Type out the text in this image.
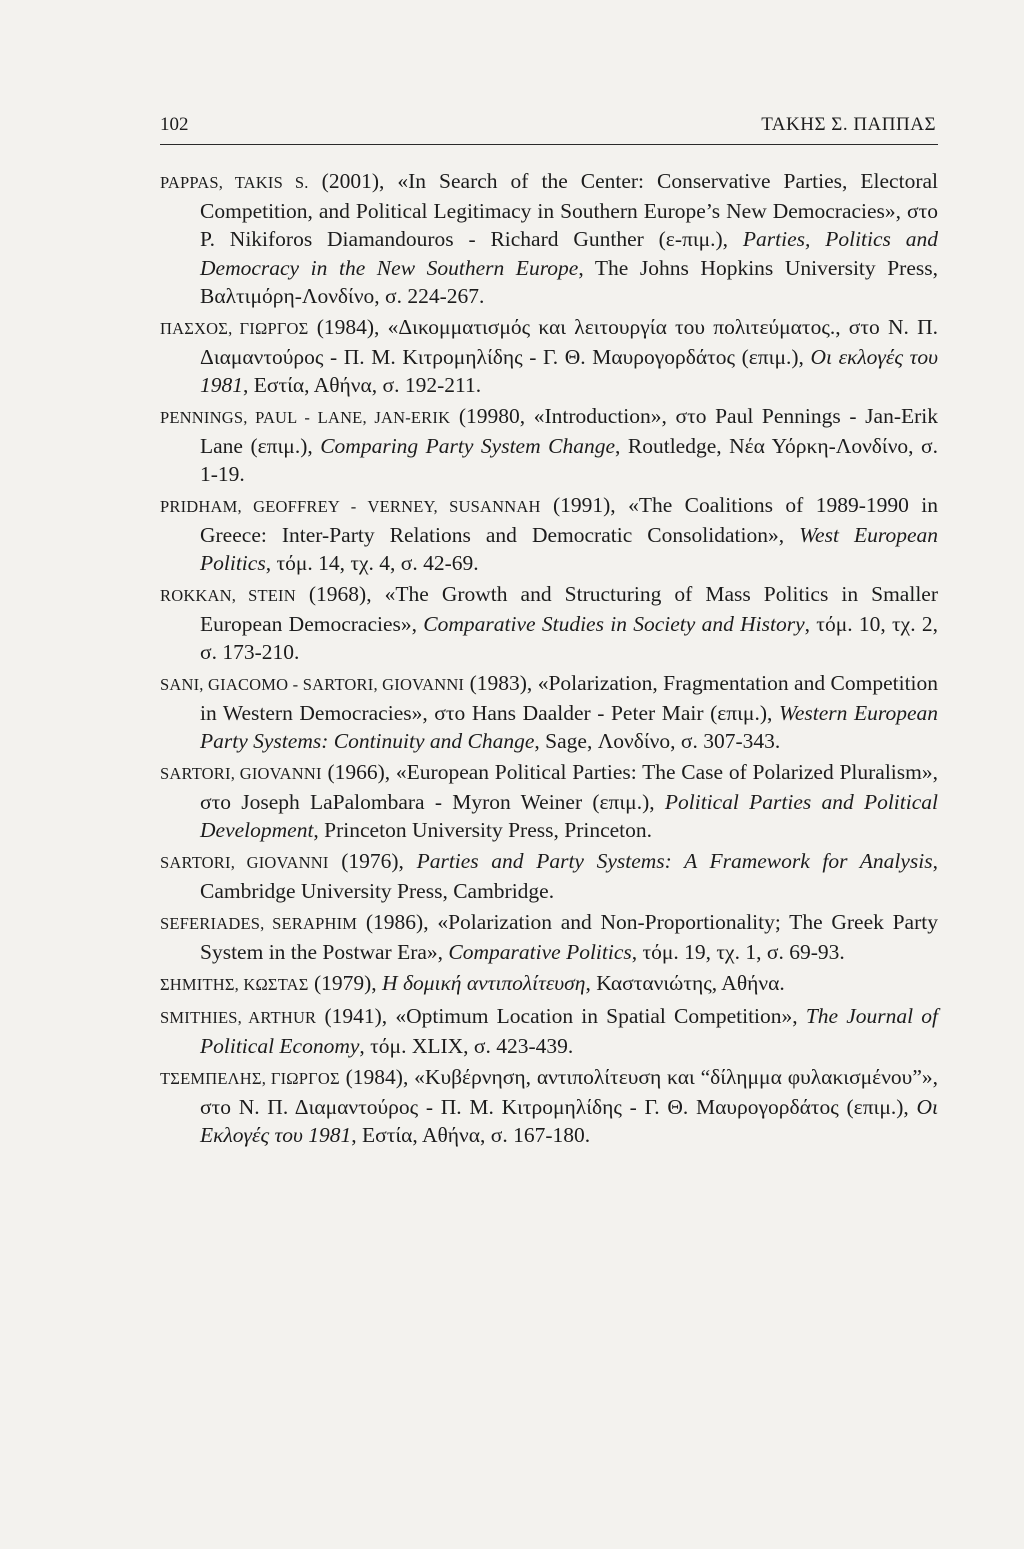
102	ΤΑΚΗΣ Σ. ΠΑΠΠΑΣ

PAPPAS, TAKIS S. (2001), «In Search of the Center: Conservative Parties, Electoral Competition, and Political Legitimacy in Southern Europe’s New Democracies», στο P. Nikiforos Diamandouros - Richard Gunther (ε-πιμ.), Parties, Politics and Democracy in the New Southern Europe, The Johns Hopkins University Press, Βαλτιμόρη-Λονδίνο, σ. 224-267.

ΠΑΣΧΟΣ, ΓΙΩΡΓΟΣ (1984), «Δικομματισμός και λειτουργία του πολιτεύματος., στο Ν. Π. Διαμαντούρος - Π. Μ. Κιτρομηλίδης - Γ. Θ. Μαυρογορδάτος (επιμ.), Οι εκλογές του 1981, Εστία, Αθήνα, σ. 192-211.

PENNINGS, PAUL - LANE, JAN-ERIK (19980, «Introduction», στο Paul Pennings - Jan-Erik Lane (επιμ.), Comparing Party System Change, Routledge, Νέα Υόρκη-Λονδίνο, σ. 1-19.

PRIDHAM, GEOFFREY - VERNEY, SUSANNAH (1991), «The Coalitions of 1989-1990 in Greece: Inter-Party Relations and Democratic Consolidation», West European Politics, τόμ. 14, τχ. 4, σ. 42-69.

ROKKAN, STEIN (1968), «The Growth and Structuring of Mass Politics in Smaller European Democracies», Comparative Studies in Society and History, τόμ. 10, τχ. 2, σ. 173-210.

SANI, GIACOMO - SARTORI, GIOVANNI (1983), «Polarization, Fragmentation and Competition in Western Democracies», στο Hans Daalder - Peter Mair (επιμ.), Western European Party Systems: Continuity and Change, Sage, Λονδίνο, σ. 307-343.

SARTORI, GIOVANNI (1966), «European Political Parties: The Case of Polarized Pluralism», στο Joseph LaPalombara - Myron Weiner (επιμ.), Political Parties and Political Development, Princeton University Press, Princeton.

SARTORI, GIOVANNI (1976), Parties and Party Systems: A Framework for Analysis, Cambridge University Press, Cambridge.

SEFERIADES, SERAPHIM (1986), «Polarization and Non-Proportionality; The Greek Party System in the Postwar Era», Comparative Politics, τόμ. 19, τχ. 1, σ. 69-93.

ΣΗΜΙΤΗΣ, ΚΩΣΤΑΣ (1979), Η δομική αντιπολίτευση, Καστανιώτης, Αθήνα.

SMITHIES, ARTHUR (1941), «Optimum Location in Spatial Competition», The Journal of Political Economy, τόμ. XLIX, σ. 423-439.

ΤΣΕΜΠΕΛΗΣ, ΓΙΩΡΓΟΣ (1984), «Κυβέρνηση, αντιπολίτευση και “δίλημμα φυλακισμένου”», στο Ν. Π. Διαμαντούρος - Π. Μ. Κιτρομηλίδης - Γ. Θ. Μαυρογορδάτος (επιμ.), Οι Εκλογές του 1981, Εστία, Αθήνα, σ. 167-180.
